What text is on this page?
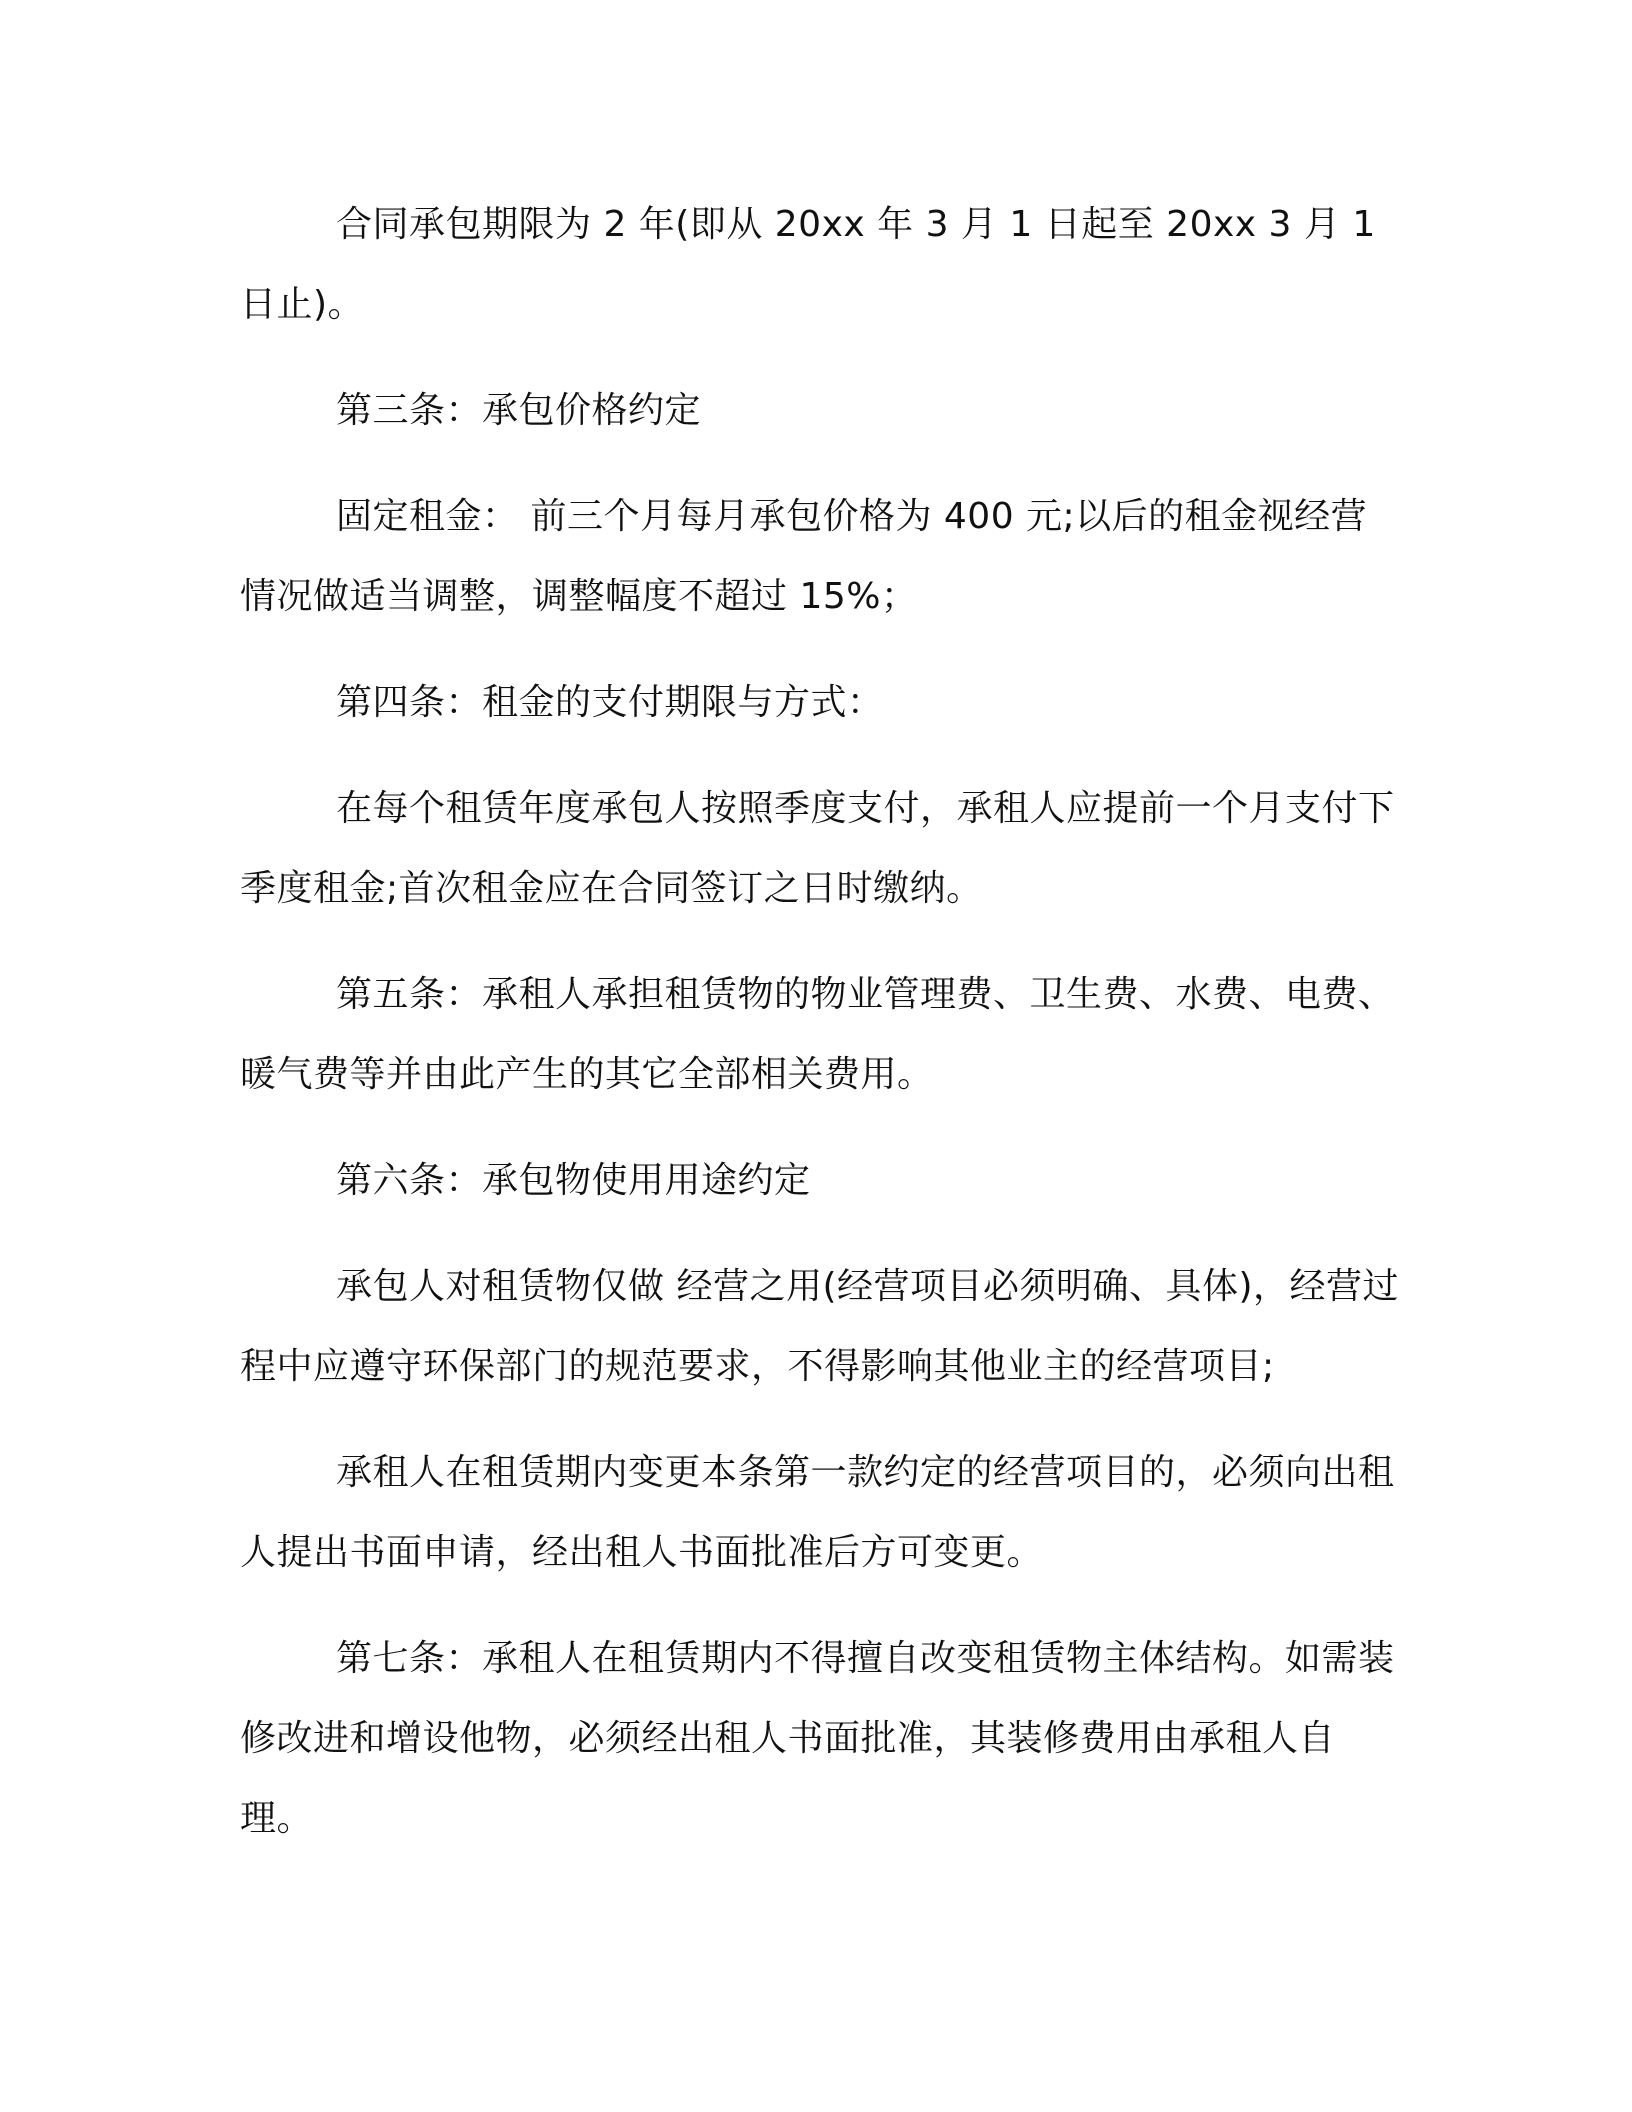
合同承包期限为 2 年(即从 20xx 年 3 月 1 日起至 20xx 3 月 1 日止)。

第三条：承包价格约定

固定租金： 前三个月每月承包价格为 400 元;以后的租金视经营情况做适当调整，调整幅度不超过 15%；

第四条：租金的支付期限与方式：

在每个租赁年度承包人按照季度支付，承租人应提前一个月支付下季度租金;首次租金应在合同签订之日时缴纳。

第五条：承租人承担租赁物的物业管理费、卫生费、水费、电费、暖气费等并由此产生的其它全部相关费用。

第六条：承包物使用用途约定

承包人对租赁物仅做 经营之用(经营项目必须明确、具体)，经营过程中应遵守环保部门的规范要求，不得影响其他业主的经营项目;

承租人在租赁期内变更本条第一款约定的经营项目的，必须向出租人提出书面申请，经出租人书面批准后方可变更。

第七条：承租人在租赁期内不得擅自改变租赁物主体结构。如需装修改进和增设他物，必须经出租人书面批准，其装修费用由承租人自理。
